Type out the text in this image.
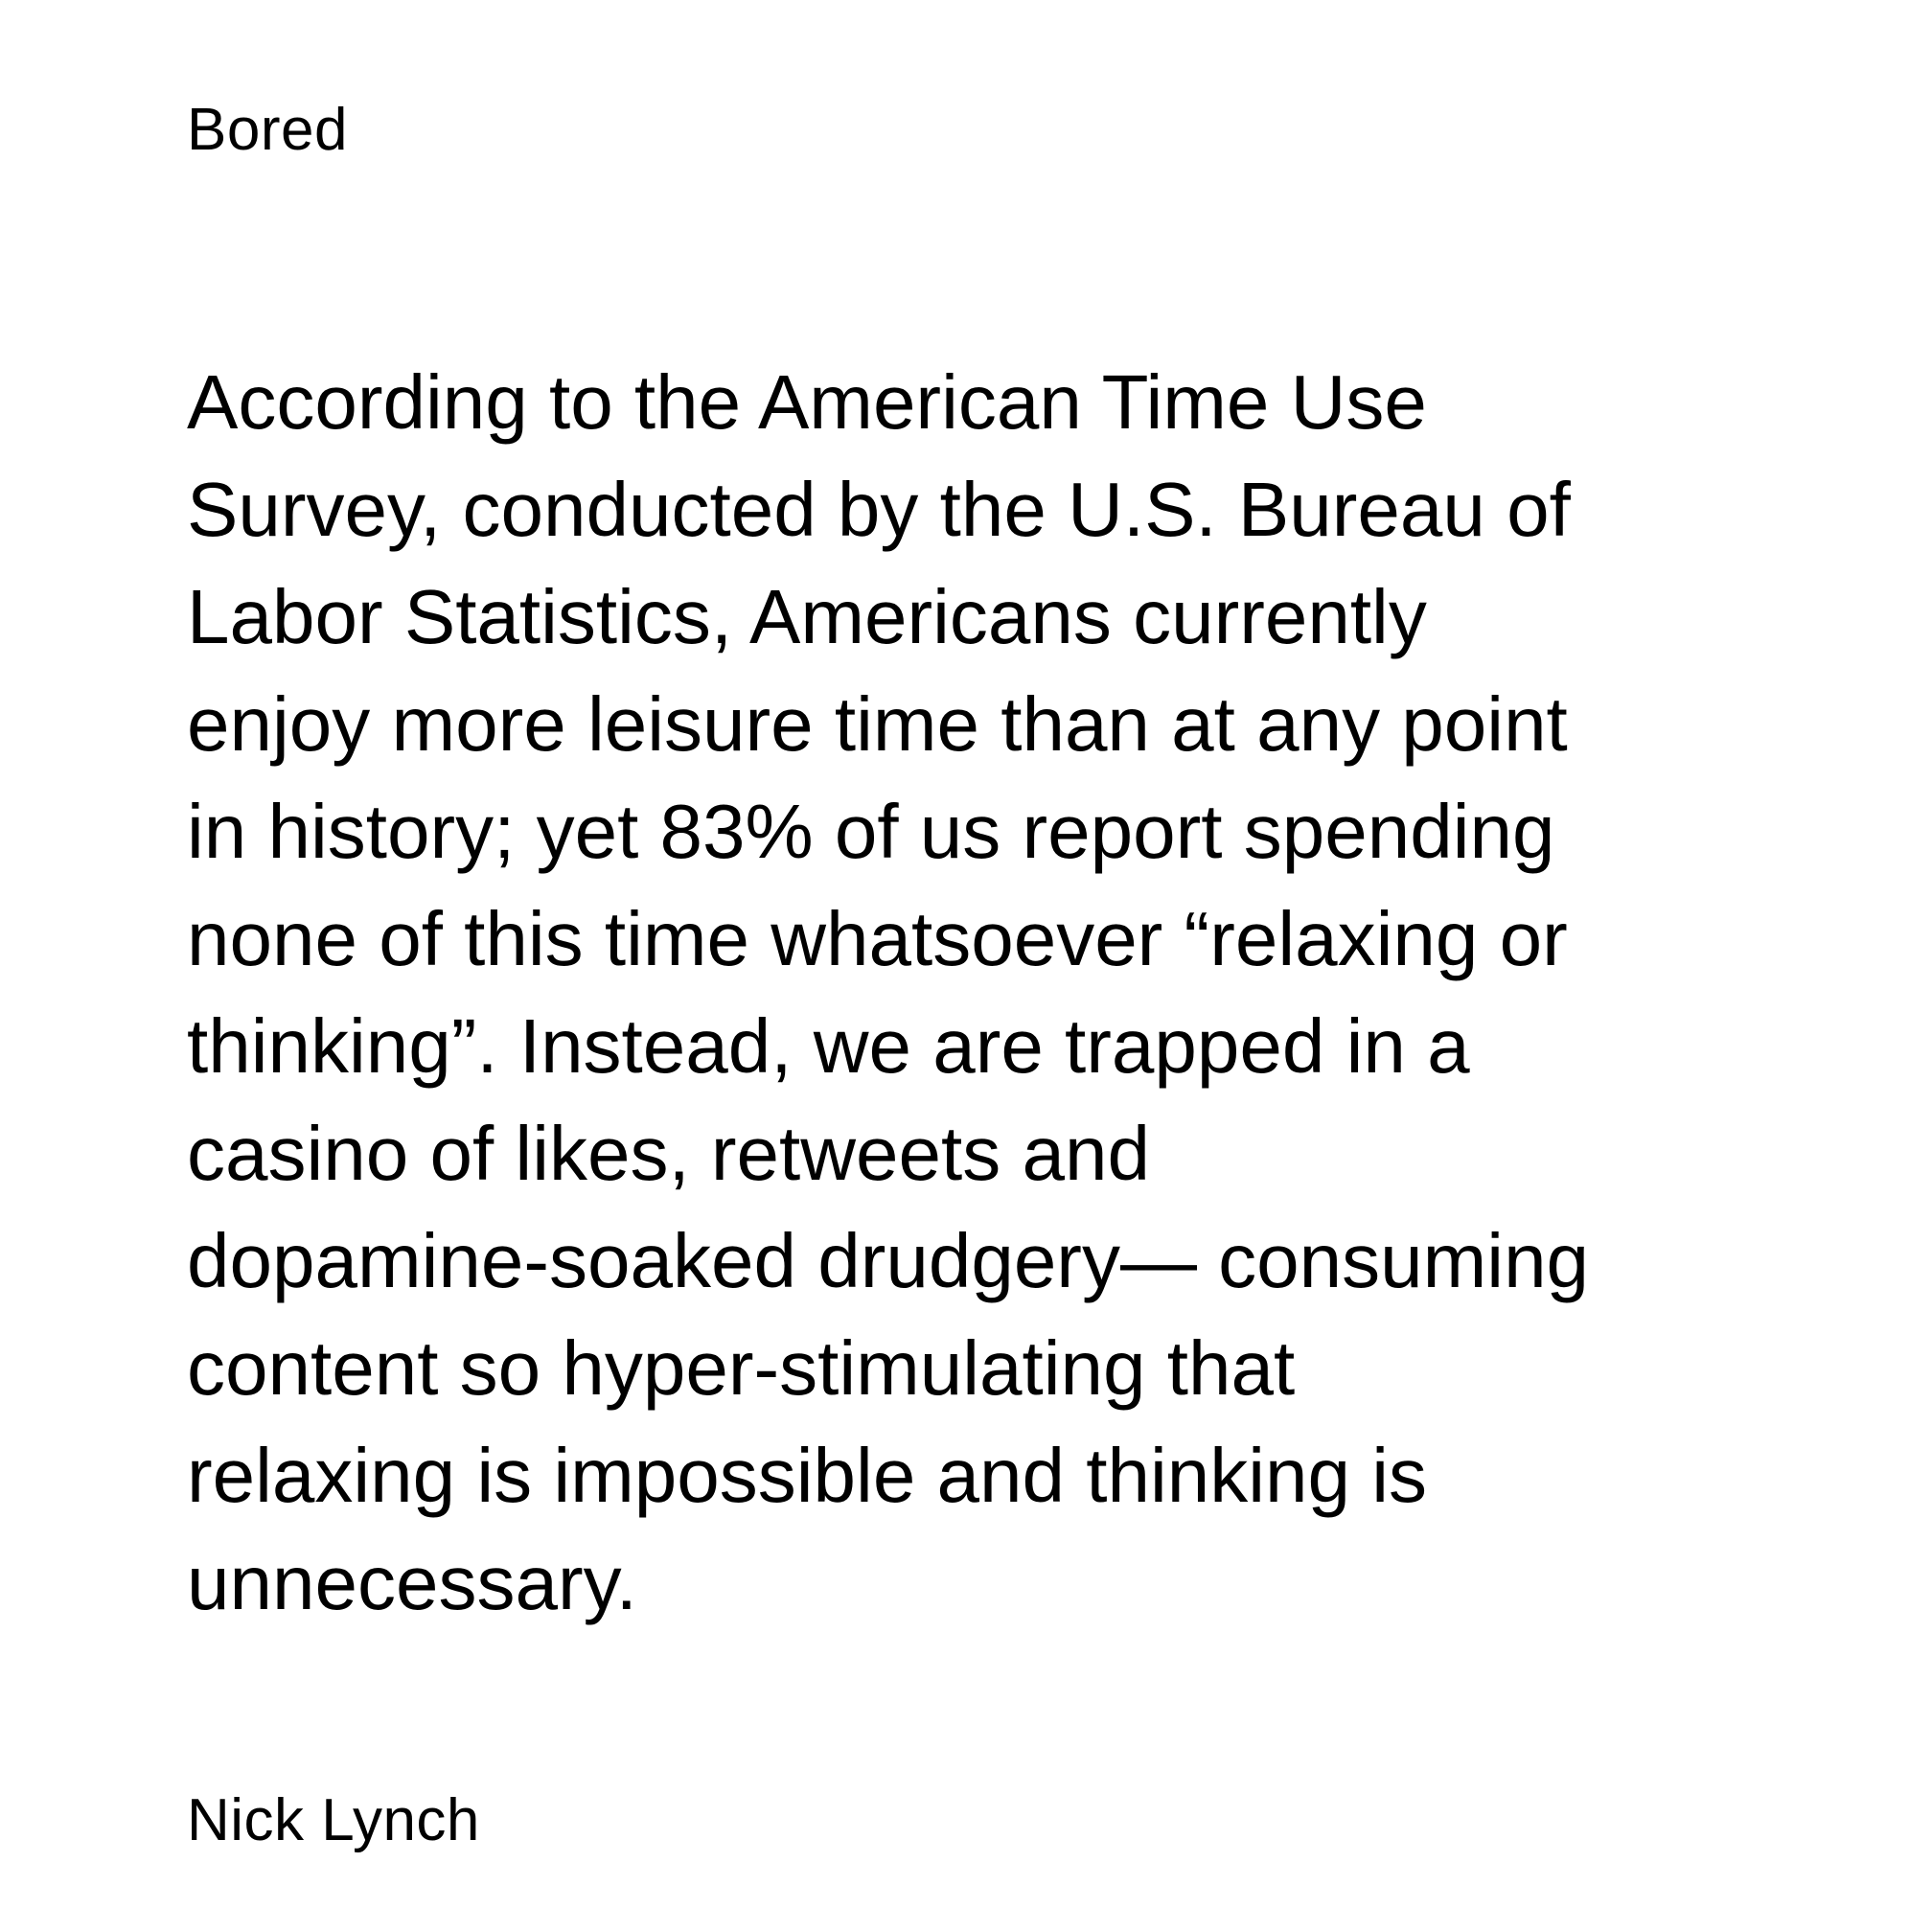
Bored

According to the American Time Use
Survey, conducted by the U.S. Bureau of
Labor Statistics, Americans currently
enjoy more leisure time than at any point
in history; yet 83% of us report spending
none of this time whatsoever “relaxing or
thinking”. Instead, we are trapped in a
casino of likes, retweets and
dopamine-soaked drudgery— consuming
content so hyper-stimulating that
relaxing is impossible and thinking is
unnecessary.

Nick Lynch
